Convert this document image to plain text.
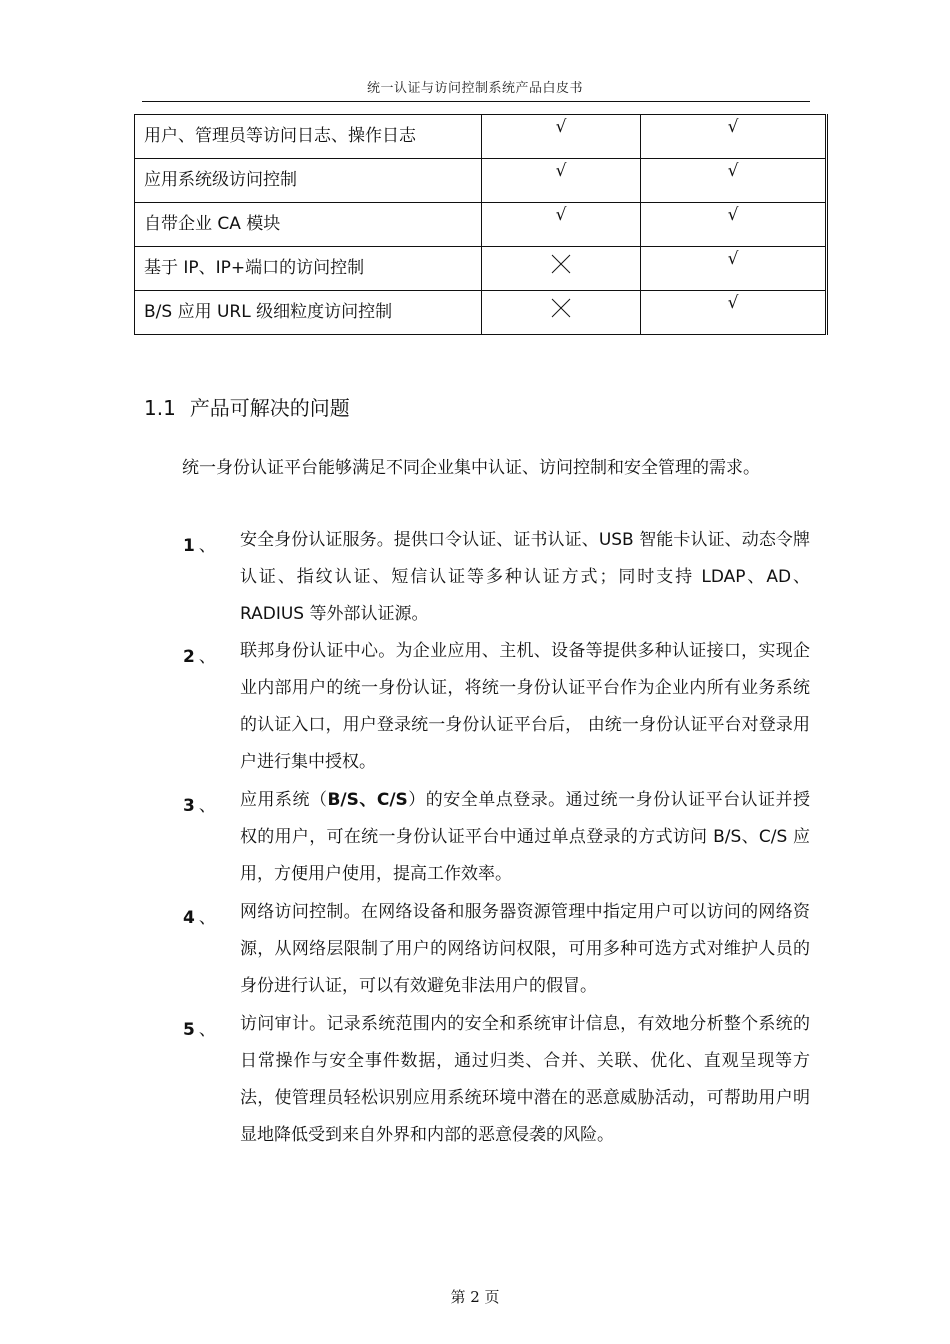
统一认证与访问控制系统产品白皮书
用户、管理员等访问日志、操作日志	√	√
应用系统级访问控制	√	√
自带企业 CA 模块	√	√
基于 IP、IP+端口的访问控制		√
B/S 应用 URL 级细粒度访问控制		√
1.1 产品可解决的问题

统一身份认证平台能够满足不同企业集中认证、访问控制和安全管理的需求。

1 、 安全身份认证服务。提供口令认证、证书认证、USB 智能卡认证、动态令牌认证、指纹认证、短信认证等多种认证方式；同时支持 LDAP、AD、RADIUS 等外部认证源。
2 、 联邦身份认证中心。为企业应用、主机、设备等提供多种认证接口，实现企业内部用户的统一身份认证，将统一身份认证平台作为企业内所有业务系统的认证入口，用户登录统一身份认证平台后， 由统一身份认证平台对登录用户进行集中授权。
3 、 应用系统（B/S、C/S）的安全单点登录。通过统一身份认证平台认证并授权的用户，可在统一身份认证平台中通过单点登录的方式访问 B/S、C/S 应用，方便用户使用，提高工作效率。
4 、 网络访问控制。在网络设备和服务器资源管理中指定用户可以访问的网络资源，从网络层限制了用户的网络访问权限，可用多种可选方式对维护人员的身份进行认证，可以有效避免非法用户的假冒。
5 、 访问审计。记录系统范围内的安全和系统审计信息，有效地分析整个系统的日常操作与安全事件数据，通过归类、合并、关联、优化、直观呈现等方法，使管理员轻松识别应用系统环境中潜在的恶意威胁活动，可帮助用户明显地降低受到来自外界和内部的恶意侵袭的风险。
第 2 页
